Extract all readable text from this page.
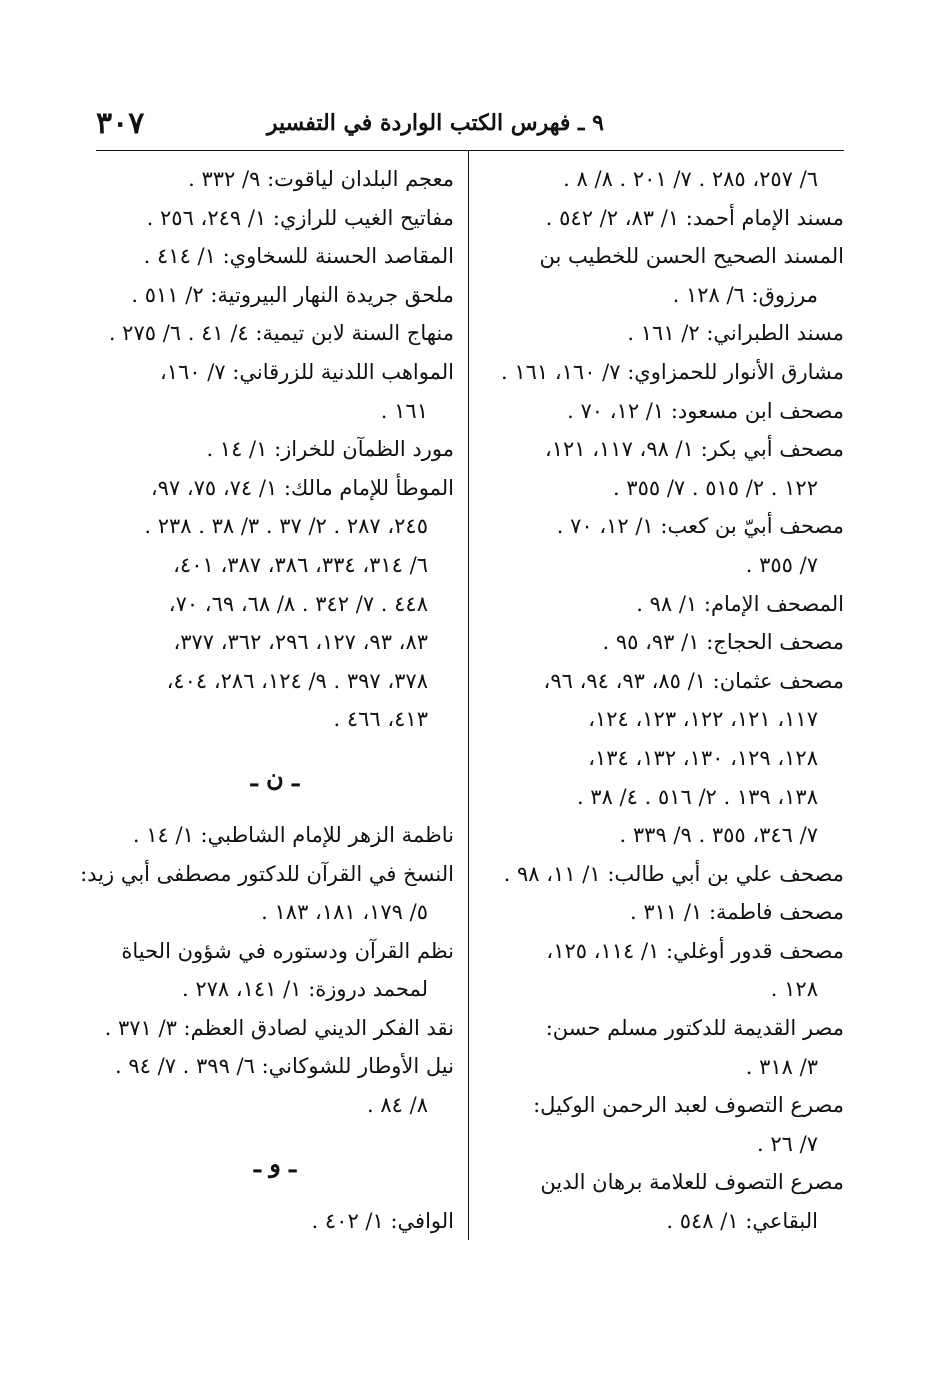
٩ ـ فهرس الكتب الواردة في التفسير
٣٠٧
٦/ ٢٥٧، ٢٨٥ . ٧/ ٢٠١ . ٨/ ٨ .
مسند الإمام أحمد: ١/ ٨٣، ٢/ ٥٤٢ .
المسند الصحيح الحسن للخطيب بن
مرزوق: ٦/ ١٢٨ .
مسند الطبراني: ٢/ ١٦١ .
مشارق الأنوار للحمزاوي: ٧/ ١٦٠، ١٦١ .
مصحف ابن مسعود: ١/ ١٢، ٧٠ .
مصحف أبي بكر: ١/ ٩٨، ١١٧، ١٢١،
١٢٢ . ٢/ ٥١٥ . ٧/ ٣٥٥ .
مصحف أبيّ بن كعب: ١/ ١٢، ٧٠ .
٧/ ٣٥٥ .
المصحف الإمام: ١/ ٩٨ .
مصحف الحجاج: ١/ ٩٣، ٩٥ .
مصحف عثمان: ١/ ٨٥، ٩٣، ٩٤، ٩٦،
١١٧، ١٢١، ١٢٢، ١٢٣، ١٢٤،
١٢٨، ١٢٩، ١٣٠، ١٣٢، ١٣٤،
١٣٨، ١٣٩ . ٢/ ٥١٦ . ٤/ ٣٨ .
٧/ ٣٤٦، ٣٥٥ . ٩/ ٣٣٩ .
مصحف علي بن أبي طالب: ١/ ١١، ٩٨ .
مصحف فاطمة: ١/ ٣١١ .
مصحف قدور أوغلي: ١/ ١١٤، ١٢٥،
١٢٨ .
مصر القديمة للدكتور مسلم حسن:
٣/ ٣١٨ .
مصرع التصوف لعبد الرحمن الوكيل:
٧/ ٢٦ .
مصرع التصوف للعلامة برهان الدين
البقاعي: ١/ ٥٤٨ .
معجم البلدان لياقوت: ٩/ ٣٣٢ .
مفاتيح الغيب للرازي: ١/ ٢٤٩، ٢٥٦ .
المقاصد الحسنة للسخاوي: ١/ ٤١٤ .
ملحق جريدة النهار البيروتية: ٢/ ٥١١ .
منهاج السنة لابن تيمية: ٤/ ٤١ . ٦/ ٢٧٥ .
المواهب اللدنية للزرقاني: ٧/ ١٦٠،
١٦١ .
مورد الظمآن للخراز: ١/ ١٤ .
الموطأ للإمام مالك: ١/ ٧٤، ٧٥، ٩٧،
٢٤٥، ٢٨٧ . ٢/ ٣٧ . ٣/ ٣٨ . ٢٣٨ .
٦/ ٣١٤، ٣٣٤، ٣٨٦، ٣٨٧، ٤٠١،
٤٤٨ . ٧/ ٣٤٢ . ٨/ ٦٨، ٦٩، ٧٠،
٨٣، ٩٣، ١٢٧، ٢٩٦، ٣٦٢، ٣٧٧،
٣٧٨، ٣٩٧ . ٩/ ١٢٤، ٢٨٦، ٤٠٤،
٤١٣، ٤٦٦ .
ـ ن ـ
ناظمة الزهر للإمام الشاطبي: ١/ ١٤ .
النسخ في القرآن للدكتور مصطفى أبي زيد:
٥/ ١٧٩، ١٨١، ١٨٣ .
نظم القرآن ودستوره في شؤون الحياة
لمحمد دروزة: ١/ ١٤١، ٢٧٨ .
نقد الفكر الديني لصادق العظم: ٣/ ٣٧١ .
نيل الأوطار للشوكاني: ٦/ ٣٩٩ . ٧/ ٩٤ .
٨/ ٨٤ .
ـ و ـ
الوافي: ١/ ٤٠٢ .
